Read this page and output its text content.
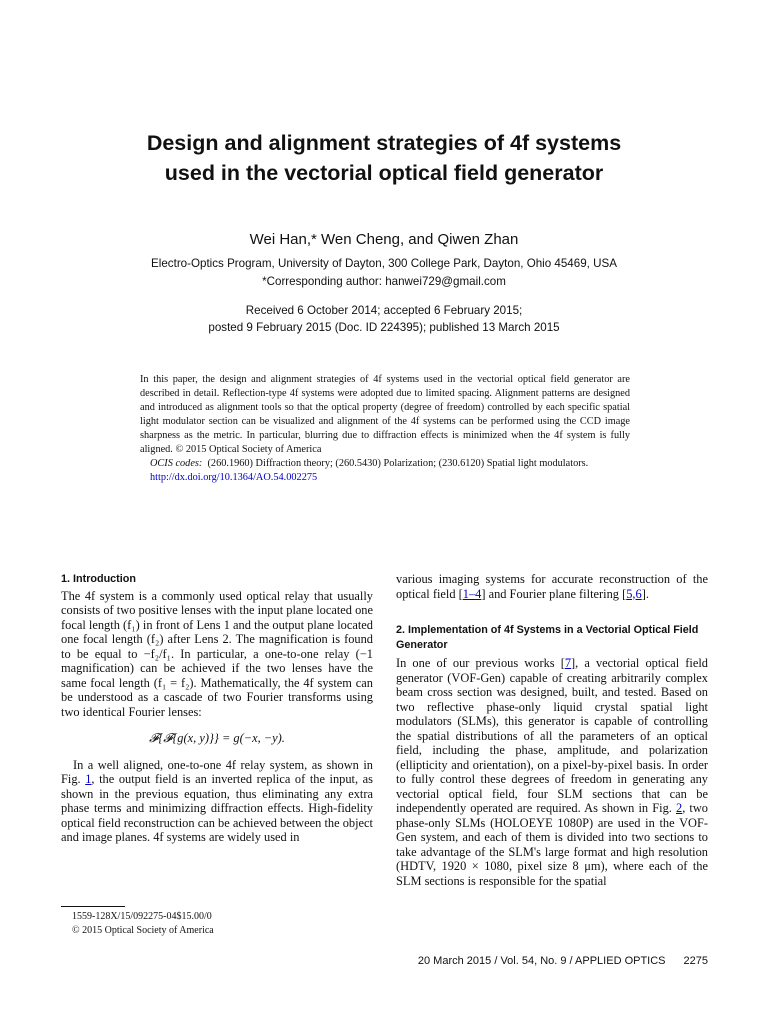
Design and alignment strategies of 4f systems
used in the vectorial optical field generator
Wei Han,* Wen Cheng, and Qiwen Zhan
Electro-Optics Program, University of Dayton, 300 College Park, Dayton, Ohio 45469, USA
*Corresponding author: hanwei729@gmail.com
Received 6 October 2014; accepted 6 February 2015;
posted 9 February 2015 (Doc. ID 224395); published 13 March 2015

In this paper, the design and alignment strategies of 4f systems used in the vectorial optical field generator are described in detail. Reflection-type 4f systems were adopted due to limited spacing. Alignment patterns are designed and introduced as alignment tools so that the optical property (degree of freedom) controlled by each specific spatial light modulator section can be visualized and alignment of the 4f systems can be performed using the CCD image sharpness as the metric. In particular, blurring due to diffraction effects is minimized when the 4f system is fully aligned. © 2015 Optical Society of America

OCIS codes: (260.1960) Diffraction theory; (260.5430) Polarization; (230.6120) Spatial light modulators.

http://dx.doi.org/10.1364/AO.54.002275

1. Introduction

The 4f system is a commonly used optical relay that usually consists of two positive lenses with the input plane located one focal length (f₁) in front of Lens 1 and the output plane located one focal length (f₂) after Lens 2. The magnification is found to be equal to −f₂/f₁. In particular, a one-to-one relay (−1 magnification) can be achieved if the two lenses have the same focal length (f₁ = f₂). Mathematically, the 4f system can be understood as a cascade of two Fourier transforms using two identical Fourier lenses:

𝓕{𝓕{g(x, y)}} = g(−x, −y).

In a well aligned, one-to-one 4f relay system, as shown in Fig. 1, the output field is an inverted replica of the input, as shown in the previous equation, thus eliminating any extra phase terms and minimizing diffraction effects. High-fidelity optical field reconstruction can be achieved between the object and image planes. 4f systems are widely used in

various imaging systems for accurate reconstruction of the optical field [1–4] and Fourier plane filtering [5,6].

2. Implementation of 4f Systems in a Vectorial Optical Field Generator

In one of our previous works [7], a vectorial optical field generator (VOF-Gen) capable of creating arbitrarily complex beam cross section was designed, built, and tested. Based on two reflective phase-only liquid crystal spatial light modulators (SLMs), this generator is capable of controlling the spatial distributions of all the parameters of an optical field, including the phase, amplitude, and polarization (ellipticity and orientation), on a pixel-by-pixel basis. In order to fully control these degrees of freedom in generating any vectorial optical field, four SLM sections that can be independently operated are required. As shown in Fig. 2, two phase-only SLMs (HOLOEYE 1080P) are used in the VOF-Gen system, and each of them is divided into two sections to take advantage of the SLM's large format and high resolution (HDTV, 1920 × 1080, pixel size 8 μm), where each of the SLM sections is responsible for the spatial

1559-128X/15/092275-04$15.00/0
© 2015 Optical Society of America
20 March 2015 / Vol. 54, No. 9 / APPLIED OPTICS 2275
